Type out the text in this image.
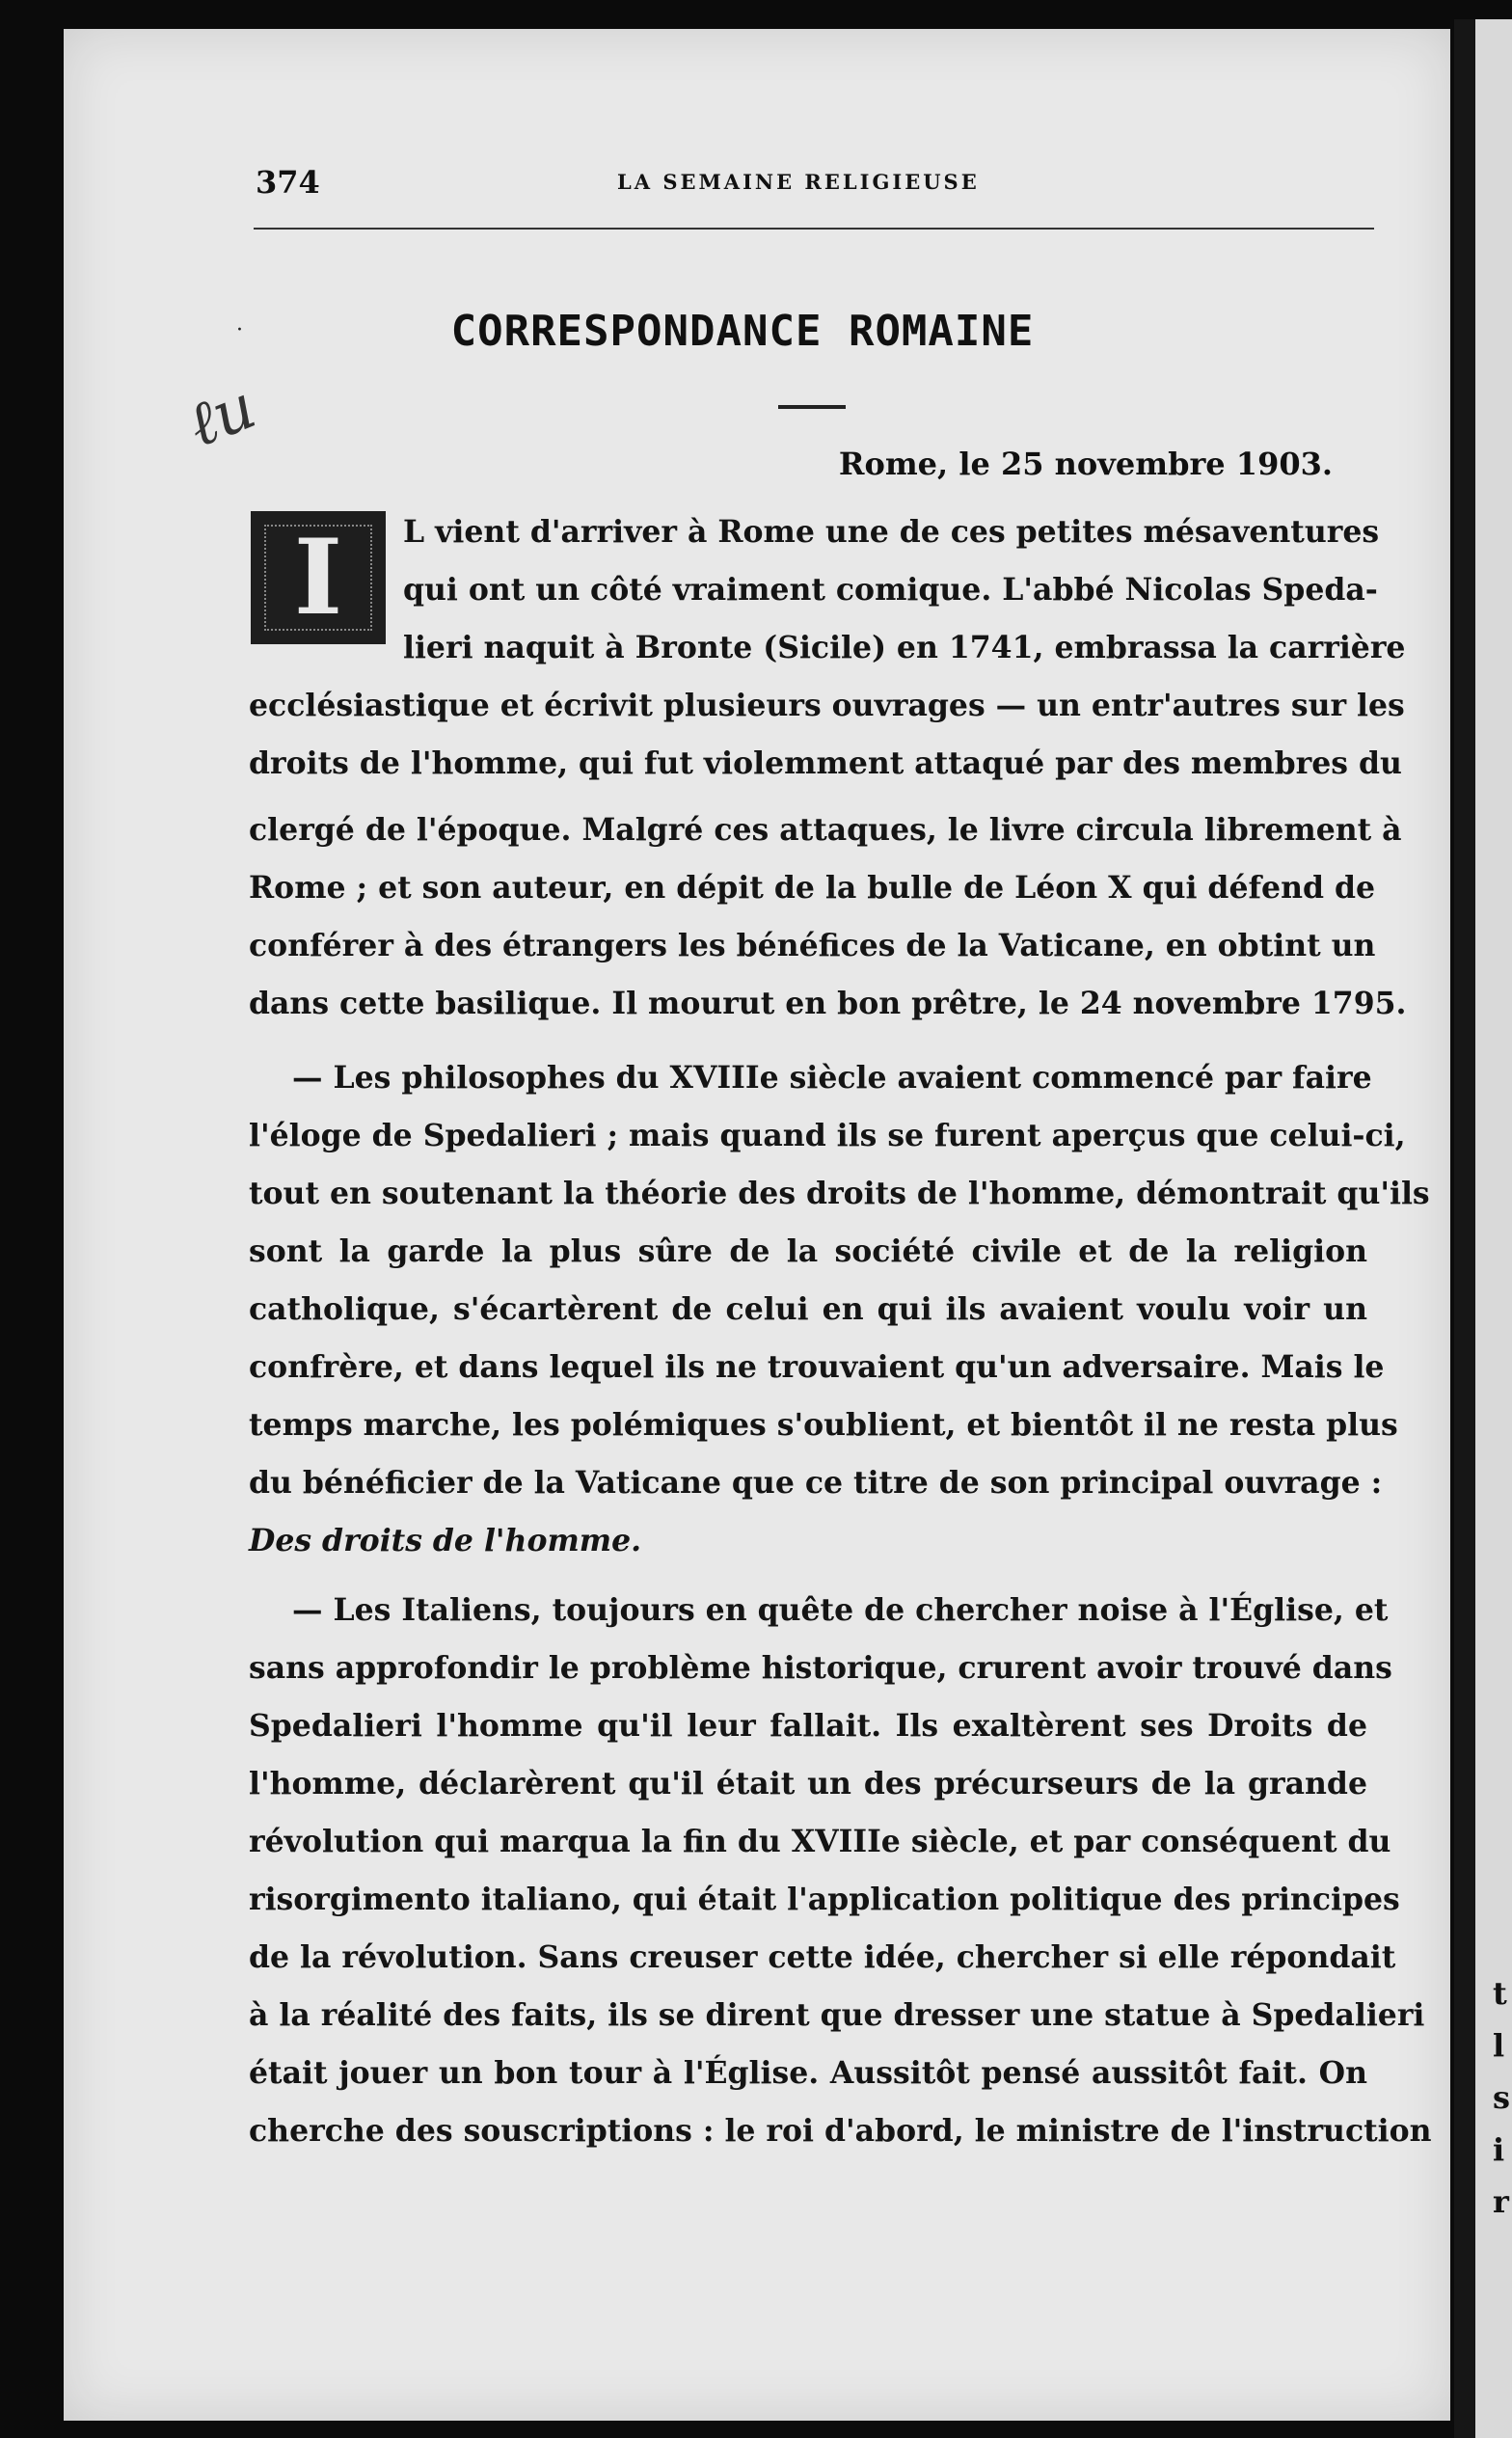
t
l
s
i
r
374	LA SEMAINE RELIGIEUSE
·
ℓu
CORRESPONDANCE ROMAINE
Rome, le 25 novembre 1903.
I	L vient d'arriver à Rome une de ces petites mésaventures
qui ont un côté vraiment comique. L'abbé Nicolas Speda-
lieri naquit à Bronte (Sicile) en 1741, embrassa la carrière
ecclésiastique et écrivit plusieurs ouvrages — un entr'autres sur les
droits de l'homme, qui fut violemment attaqué par des membres du
clergé de l'époque. Malgré ces attaques, le livre circula librement à
Rome ; et son auteur, en dépit de la bulle de Léon X qui défend de
conférer à des étrangers les bénéfices de la Vaticane, en obtint un
dans cette basilique. Il mourut en bon prêtre, le 24 novembre 1795.
— Les philosophes du XVIIIe siècle avaient commencé par faire
l'éloge de Spedalieri ; mais quand ils se furent aperçus que celui-ci,
tout en soutenant la théorie des droits de l'homme, démontrait qu'ils
sont la garde la plus sûre de la société civile et de la religion
catholique, s'écartèrent de celui en qui ils avaient voulu voir un
confrère, et dans lequel ils ne trouvaient qu'un adversaire. Mais le
temps marche, les polémiques s'oublient, et bientôt il ne resta plus
du bénéficier de la Vaticane que ce titre de son principal ouvrage :
Des droits de l'homme.
— Les Italiens, toujours en quête de chercher noise à l'Église, et
sans approfondir le problème historique, crurent avoir trouvé dans
Spedalieri l'homme qu'il leur fallait. Ils exaltèrent ses Droits de
l'homme, déclarèrent qu'il était un des précurseurs de la grande
révolution qui marqua la fin du XVIIIe siècle, et par conséquent du
risorgimento italiano, qui était l'application politique des principes
de la révolution. Sans creuser cette idée, chercher si elle répondait
à la réalité des faits, ils se dirent que dresser une statue à Spedalieri
était jouer un bon tour à l'Église. Aussitôt pensé aussitôt fait. On
cherche des souscriptions : le roi d'abord, le ministre de l'instruction
